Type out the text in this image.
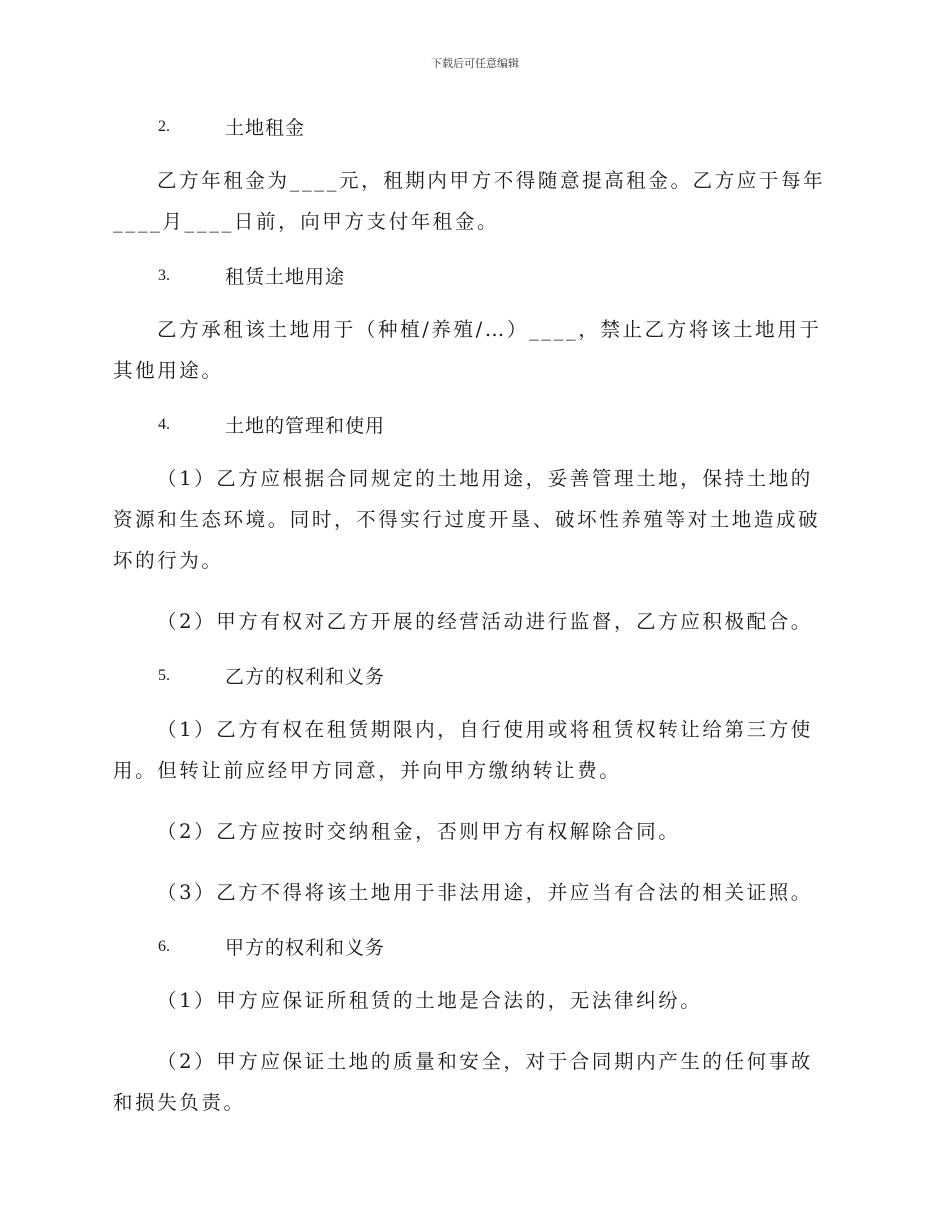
下载后可任意编辑
2.	土地租金

乙方年租金为____元，租期内甲方不得随意提高租金。乙方应于每年____月____日前，向甲方支付年租金。

3.	租赁土地用途

乙方承租该土地用于（种植/养殖/…）____，禁止乙方将该土地用于其他用途。

4.	土地的管理和使用

（1）乙方应根据合同规定的土地用途，妥善管理土地，保持土地的资源和生态环境。同时，不得实行过度开垦、破坏性养殖等对土地造成破坏的行为。

（2）甲方有权对乙方开展的经营活动进行监督，乙方应积极配合。

5.	乙方的权利和义务

（1）乙方有权在租赁期限内，自行使用或将租赁权转让给第三方使用。但转让前应经甲方同意，并向甲方缴纳转让费。

（2）乙方应按时交纳租金，否则甲方有权解除合同。

（3）乙方不得将该土地用于非法用途，并应当有合法的相关证照。

6.	甲方的权利和义务

（1）甲方应保证所租赁的土地是合法的，无法律纠纷。

（2）甲方应保证土地的质量和安全，对于合同期内产生的任何事故和损失负责。
